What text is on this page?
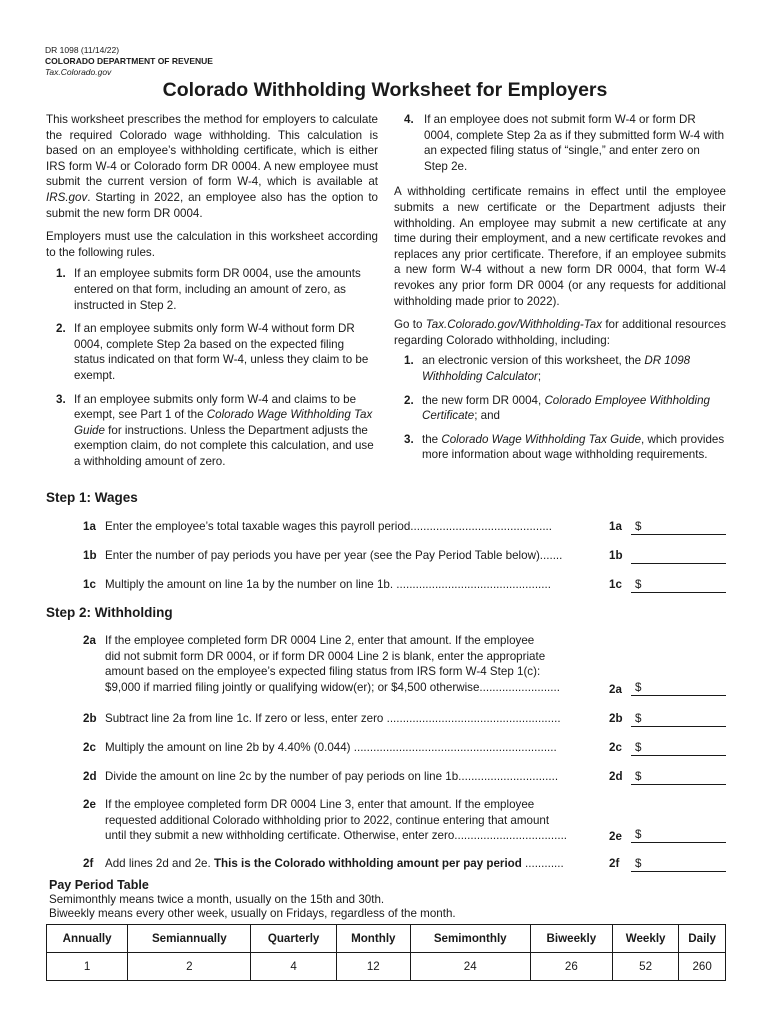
DR 1098 (11/14/22)
COLORADO DEPARTMENT OF REVENUE
Tax.Colorado.gov
Colorado Withholding Worksheet for Employers

This worksheet prescribes the method for employers to calculate the required Colorado wage withholding. This calculation is based on an employee’s withholding certificate, which is either IRS form W-4 or Colorado form DR 0004. A new employee must submit the current version of form W-4, which is available at IRS.gov. Starting in 2022, an employee also has the option to submit the new form DR 0004.

Employers must use the calculation in this worksheet according to the following rules.

1. If an employee submits form DR 0004, use the amounts entered on that form, including an amount of zero, as instructed in Step 2.
2. If an employee submits only form W-4 without form DR 0004, complete Step 2a based on the expected filing status indicated on that form W-4, unless they claim to be exempt.
3. If an employee submits only form W-4 and claims to be exempt, see Part 1 of the Colorado Wage Withholding Tax Guide for instructions. Unless the Department adjusts the exemption claim, do not complete this calculation, and use a withholding amount of zero.
4. If an employee does not submit form W-4 or form DR 0004, complete Step 2a as if they submitted form W-4 with an expected filing status of “single,” and enter zero on Step 2e.

A withholding certificate remains in effect until the employee submits a new certificate or the Department adjusts their withholding. An employee may submit a new certificate at any time during their employment, and a new certificate revokes and replaces any prior certificate. Therefore, if an employee submits a new form W-4 without a new form DR 0004, that form W-4 revokes any prior form DR 0004 (or any requests for additional withholding made prior to 2022).

Go to Tax.Colorado.gov/Withholding-Tax for additional resources regarding Colorado withholding, including:

1. an electronic version of this worksheet, the DR 1098 Withholding Calculator;
2. the new form DR 0004, Colorado Employee Withholding Certificate; and
3. the Colorado Wage Withholding Tax Guide, which provides more information about wage withholding requirements.
Step 1: Wages
1a Enter the employee’s total taxable wages this payroll period............................................	1a $
1b Enter the number of pay periods you have per year (see the Pay Period Table below).......	1b
1c Multiply the amount on line 1a by the number on line 1b. ................................................	1c $
Step 2: Withholding
2a If the employee completed form DR 0004 Line 2, enter that amount. If the employee
did not submit form DR 0004, or if form DR 0004 Line 2 is blank, enter the appropriate
amount based on the employee’s expected filing status from IRS form W-4 Step 1(c):
$9,000 if married filing jointly or qualifying widow(er); or $4,500 otherwise.........................	2a $
2b Subtract line 2a from line 1c. If zero or less, enter zero ......................................................	2b $
2c Multiply the amount on line 2b by 4.40% (0.044) ...............................................................	2c $
2d Divide the amount on line 2c by the number of pay periods on line 1b...............................	2d $
2e If the employee completed form DR 0004 Line 3, enter that amount. If the employee
requested additional Colorado withholding prior to 2022, continue entering that amount
until they submit a new withholding certificate. Otherwise, enter zero...................................	2e $
2f Add lines 2d and 2e. This is the Colorado withholding amount per pay period ............	2f $
Pay Period Table
Semimonthly means twice a month, usually on the 15th and 30th.
Biweekly means every other week, usually on Fridays, regardless of the month.
Annually	Semiannually	Quarterly	Monthly	Semimonthly	Biweekly	Weekly	Daily
1	2	4	12	24	26	52	260
